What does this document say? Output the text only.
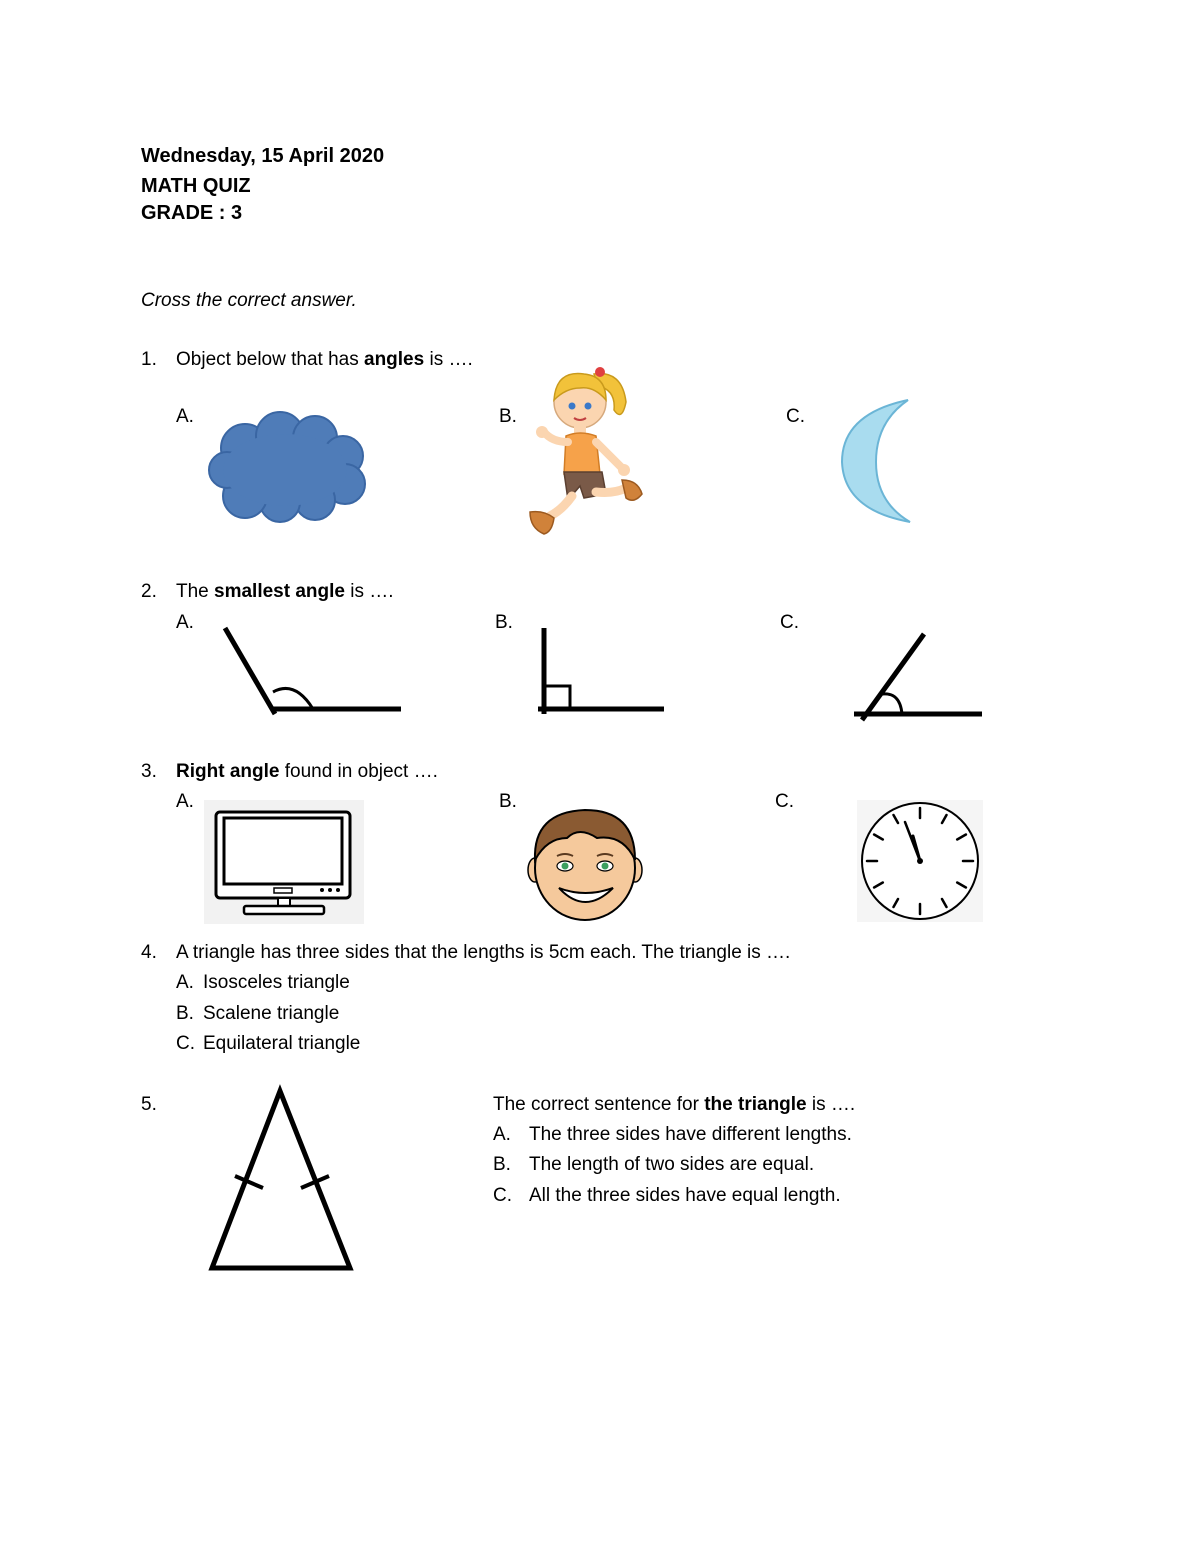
Wednesday, 15 April 2020
MATH QUIZ
GRADE : 3
Cross the correct answer.
1. Object below that has angles is ….
A.	B.	C.
2. The smallest angle is ….
A.	B.	C.
3. Right angle found in object ….
A.	B.	C.
4. A triangle has three sides that the lengths is 5cm each. The triangle is ….
A. Isosceles triangle
B. Scalene triangle
C. Equilateral triangle
5.	The correct sentence for the triangle is ….
A. The three sides have different lengths.
B. The length of two sides are equal.
C. All the three sides have equal length.
